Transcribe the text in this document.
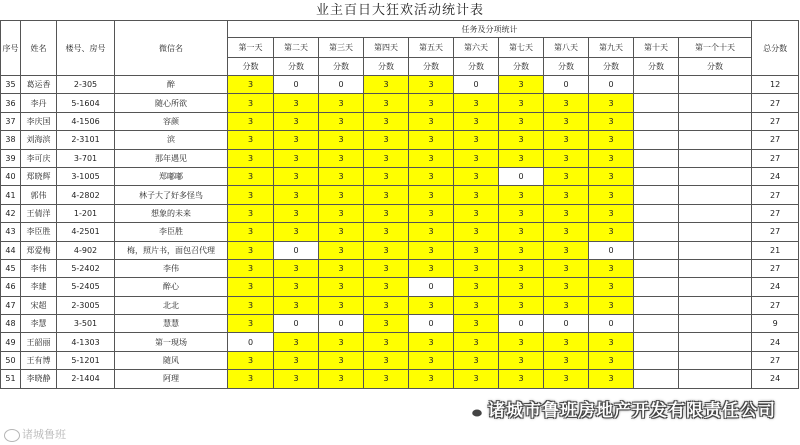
业主百日大狂欢活动统计表
序号	姓名	楼号、房号	微信名	任务及分项统计											总分数	
				第一天	第二天	第三天	第四天	第五天	第六天	第七天	第八天	第九天	第十天	第一个十天		
				分数	分数	分数	分数	分数	分数	分数	分数	分数	分数	分数		
35	葛运香	2-305	醉	3	0	0	3	3	0	3	0	0			12	
36	李丹	5-1604	随心所欲	3	3	3	3	3	3	3	3	3			27	
37	李庆国	4-1506	容颜	3	3	3	3	3	3	3	3	3			27	
38	刘海滨	2-3101	滨	3	3	3	3	3	3	3	3	3			27	
39	李可庆	3-701	那年遇见	3	3	3	3	3	3	3	3	3			27	
40	郑晓辉	3-1005	郑嘟嘟	3	3	3	3	3	3	0	3	3			24	
41	郭伟	4-2802	林子大了好多怪鸟	3	3	3	3	3	3	3	3	3			27	
42	王倩洋	1-201	想象的未来	3	3	3	3	3	3	3	3	3			27	
43	李臣胜	4-2501	李臣胜	3	3	3	3	3	3	3	3	3			27	
44	郑爱梅	4-902	梅，照片书，面包召代理	3	0	3	3	3	3	3	3	0			21	
45	李伟	5-2402	李伟	3	3	3	3	3	3	3	3	3			27	
46	李建	5-2405	醉心	3	3	3	3	0	3	3	3	3			24	
47	宋超	2-3005	北北	3	3	3	3	3	3	3	3	3			27	
48	李慧	3-501	慧慧	3	0	0	3	0	3	0	0	0			9	
49	王韶丽	4-1303	第一現场	0	3	3	3	3	3	3	3	3			24	
50	王有博	5-1201	随风	3	3	3	3	3	3	3	3	3			27	
51	李晓静	2-1404	阿理	3	3	3	3	3	3	3	3	3			24	
诸城市鲁班房地产开发有限责任公司
诸城鲁班
